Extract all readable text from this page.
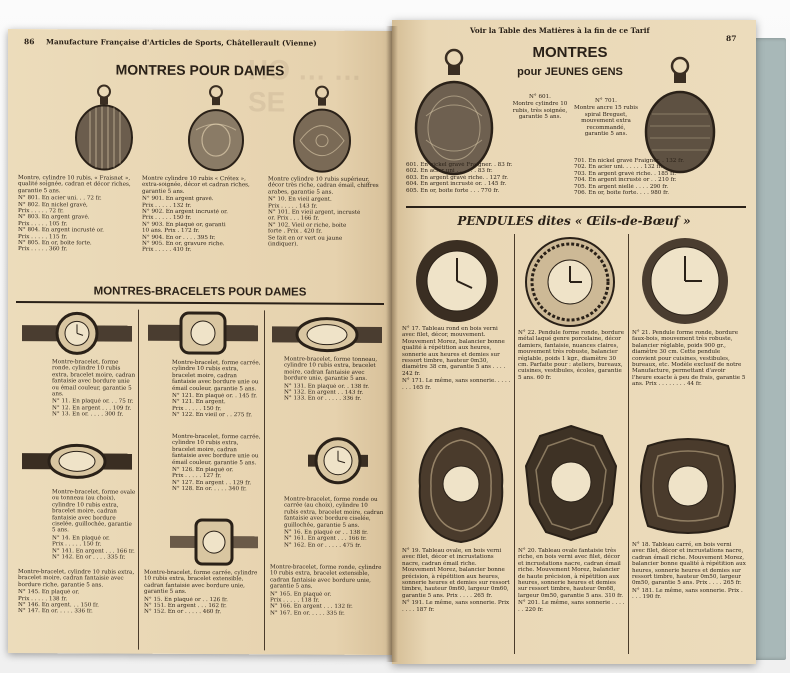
86 Manufacture Française d'Articles de Sports, Châtellerault (Vienne)
HO … … SE
MONTRES POUR DAMES
Montre, cylindre 10 rubis, « Fraisnet », qualité soignée, cadran et décor riches, garantie 5 ans.
N° 801. En acier uni. . . 72 fr.
N° 802. En nickel gravé,
Prix . . . . . 72 fr.
N° 803. En argent gravé.
Prix . . . . . 105 fr.
N° 804. En argent incrusté or.
Prix . . . . . 115 fr.
N° 805. En or, boîte forte.
Prix . . . . . 360 fr.
Montre cylindre 10 rubis « Crétex », extra-soignée, décor et cadran riches, garantie 5 ans.
N° 901. En argent gravé.
Prix . . . . . 132 fr.
N° 902. En argent incrusté or.
Prix . . . . . 150 fr.
N° 903. En plaqué or, garanti
10 ans. Prix . 172 fr.
N° 904. En or . . . . 395 fr.
N° 905. En or, gravure riche.
Prix . . . . . 410 fr.
Montre cylindre 10 rubis supérieur, décor très riche, cadran émail, chiffres arabes, garantie 5 ans.
N° 10. En vieil argent.
Prix . . . . . 143 fr.
N° 101. En vieil argent, incrusté
or. Prix . . . 166 fr.
N° 102. Vieil or riche, boîte
forte . Prix . 420 fr.
Se fait en or vert ou jaune
(indiquer).
MONTRES-BRACELETS POUR DAMES
Montre-bracelet, forme ronde, cylindre 10 rubis extra, bracelet moire, cadran fantaisie avec bordure unie ou émail couleur, garantie 5 ans.
N° 11. En plaqué or. . . 75 fr.
N° 12. En argent . . . 109 fr.
N° 13. En or. . . . . 300 fr.
Montre-bracelet, forme carrée, cylindre 10 rubis extra, bracelet moire, cadran fantaisie avec bordure unie ou émail couleur, garantie 5 ans.
N° 121. En plaqué or. . 145 fr.
N° 121. En argent.
Prix . . . . . 150 fr.
N° 122. En vieil or . . 275 fr.
Montre-bracelet, forme tonneau, cylindre 10 rubis extra, bracelet moire, cadran fantaisie avec bordure unie, garantie 5 ans.
N° 131. En plaqué or. . 138 fr.
N° 132. En argent . . 143 fr.
N° 133. En or . . . . . 336 fr.
Montre-bracelet, forme ovale ou tonneau (au choix), cylindre 10 rubis extra, bracelet moire, cadran fantaisie avec bordure ciselée, guillochée, garantie 5 ans.
N° 14. En plaqué or.
Prix . . . . . 150 fr.
N° 141. En argent . . . 166 fr.
N° 142. En or . . . . 335 fr.
Montre-bracelet, forme carrée, cylindre 10 rubis extra, bracelet moire, cadran fantaisie avec bordure unie ou émail couleur, garantie 5 ans.
N° 126. En plaqué or.
Prix . . . . . 127 fr.
N° 127. En argent . . 129 fr.
N° 128. En or. . . . . 340 fr.
Montre-bracelet, forme ronde ou carrée (au choix), cylindre 10 rubis extra, bracelet moire, cadran fantaisie avec bordure ciselée, guillochée, garantie 5 ans.
N° 16. En plaqué or . . 138 fr.
N° 161. En argent . . . 166 fr.
N° 162. En or . . . . . 475 fr.
Montre-bracelet, cylindre 10 rubis extra, bracelet moire, cadran fantaisie avec bordure riche, garantie 5 ans.
N° 145. En plaqué or.
Prix . . . . . 138 fr.
N° 146. En argent. . . 150 fr.
N° 147. En or. . . . . 336 fr.
Montre-bracelet, forme carrée, cylindre 10 rubis extra, bracelet extensible, cadran fantaisie avec bordure unie, garantie 5 ans.
N° 15. En plaqué or . . 126 fr.
N° 151. En argent . . . 162 fr.
N° 152. En or . . . . . 460 fr.
Montre-bracelet, forme ronde, cylindre 10 rubis extra, bracelet extensible, cadran fantaisie avec bordure unie, garantie 5 ans.
N° 165. En plaqué or.
Prix . . . . . 118 fr.
N° 166. En argent . . . 132 fr.
N° 167. En or. . . . . 335 fr.
Voir la Table des Matières à la fin de ce Tarif
87
MONTRES
pour JEUNES GENS
N° 601.
Montre cylindre 10 rubis, très soignée, garantie 5 ans.
N° 701.
Montre ancre 15 rubis spiral Breguet, mouvement extra recommandé, garantie 5 ans.
601. En nickel gravé Fraigner. . 83 fr.
602. En acier uni . . . . . . 83 fr.
603. En argent gravé riche. . 127 fr.
604. En argent incrusté or. . 145 fr.
605. En or, boîte forte . . . 770 fr.
701. En nickel gravé Fraigner. . 132 fr.
702. En acier uni. . . . . . 132 fr.
703. En argent gravé riche. . 185 fr.
704. En argent incrusté or . . 210 fr.
705. En argent niellé . . . . 290 fr.
706. En or, boîte forte. . . . 980 fr.
PENDULES dites « Œils-de-Bœuf »
N° 17. Tableau rond en bois verni avec filet, décor, mouvement. Mouvement Morez, balancier bonne qualité à répétition aux heures, sonnerie aux heures et demies sur ressort timbre, hauteur 0m30, diamètre 38 cm, garantie 5 ans . . . . 242 fr.
N° 171. Le même, sans sonnerie. . . . . . . . 165 fr.
N° 22. Pendule forme ronde, bordure métal laqué genre porcelaine, décor damiers, fantaisie, nuances claires, mouvement très robuste, balancier réglable, poids 1 kgr., diamètre 30 cm. Parfaite pour : ateliers, bureaux, cuisines, vestibules, écoles, garantie 5 ans. 60 fr.
N° 21. Pendule forme ronde, bordure faux-bois, mouvement très robuste, balancier réglable, poids 900 gr., diamètre 30 cm. Cette pendule convient pour cuisines, vestibules, bureaux, etc. Modèle exclusif de notre Manufacture, permettant d'avoir l'heure exacte à peu de frais, garantie 5 ans. Prix . . . . . . . . 44 fr.
N° 19. Tableau ovale, en bois verni avec filet, décor et incrustations nacre, cadran émail riche. Mouvement Morez, balancier bonne précision, à répétition aux heures, sonnerie heures et demies sur ressort timbre, hauteur 0m60, largeur 0m60, garantie 5 ans. Prix . . . . 265 fr.
N° 191. Le même, sans sonnerie. Prix . . . . 187 fr.
N° 20. Tableau ovale fantaisie très riche, en bois verni avec filet, décor et incrustations nacre, cadran émail riche. Mouvement Morez, balancier de haute précision, à répétition aux heures, sonnerie heures et demies sur ressort timbre, hauteur 0m68, largeur 0m50, garantie 5 ans. 310 fr.
N° 201. Le même, sans sonnerie . . . . . . 220 fr.
N° 18. Tableau carré, en bois verni avec filet, décor et incrustations nacre, cadran émail riche. Mouvement Morez, balancier bonne qualité à répétition aux heures, sonnerie heures et demies sur ressort timbre, hauteur 0m50, largeur 0m50, garantie 5 ans. Prix . . . . 265 fr.
N° 181. Le même, sans sonnerie. Prix . . . . 190 fr.
